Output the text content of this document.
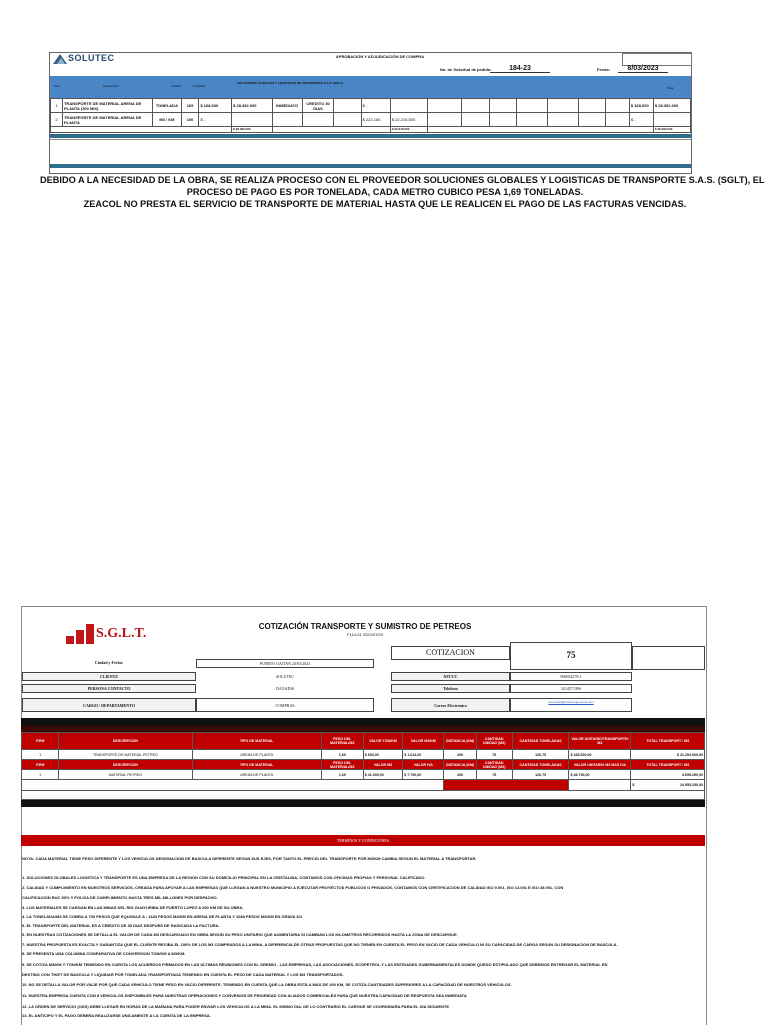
SOLUTEC	APROBACIÓN Y ADJUDICACIÓN DE COMPRA
No. de Solicitud de pedido:	184-23	Fecha:	8/03/2023
Item	Descripción	Unidad	Cantidad
SOLUCIONES GLOBALES Y LOGISTICAS DE TRANSPORTE S.A.S. (SGLT)
Total
1	TRANSPORTE DE MATERIAL ARENA DE PLANTA (300 MIX)	TONELADA	169	$ 168.000	$ 28.392.000	INMEDIATO	CREDITO 30 DIAS		$ -									$ 168.000	$ 28.392.000
2	TRANSPORTE DE MATERIAL ARENA DE PLANTA	M3 / KM	100	$ -					$ 222.165	$ 22.216.500								$ -	
					$ 28.392.000					$ 22.216.500									$ 28.392.000
DEBIDO A LA NECESIDAD DE LA OBRA, SE REALIZA PROCESO CON EL PROVEEDOR SOLUCIONES GLOBALES Y LOGISTICAS DE TRANSPORTE S.A.S. (SGLT), EL
PROCESO DE PAGO ES POR TONELADA, CADA METRO CUBICO PESA 1,69 TONELADAS.
ZEACOL NO PRESTA EL SERVICIO DE TRANSPORTE DE MATERIAL HASTA QUE LE REALICEN EL PAGO DE LAS FACTURAS VENCIDAS.
S.G.L.T.	COTIZACIÓN TRANSPORTE Y SUMISTRO DE PETREOS
F114-01 2022/07/29
COTIZACION	75
Ciudad y Fecha:	PUERTO GAITAN 24/03/2023
CLIENTE	SOLUTEC
PERSONA CONTACTO	DAGADIS
CARGO / DEPARTAMENTO	COMPRAS
NIT/CC	900054278-1
Telefono	3214571396
Correo Electronico
dcompras@solutecingenieria.com
ITEM	DESCRIPCION	TIPO DE MATERIAL	PESO DEL MATERIAL/M3	VALOR TON/KM	VALOR M3/KM	DISTANCIA (KM)	CANTIDAD UNIDAD (M3)	CANTIDAD TONELADAS	VALOR UNITARIO/TRANSPORTE/ M3	TOTAL TRANSPORT / M3
1	TRANSPORTE DE MATERIAL PETREO	ARENA DE PLANTA	1,69	$ 600,00	$ 1.014,00	200	75	126,75	$ 168.000,00	$ 21.294.000,00
ITEM	DESCRIPCION	TIPO DE MATERIAL	PESO DEL MATERIAL/M3	VALOR M3	VALOR IVA	DISTANCIA (KM)	CANTIDAD UNIDAD (M3)	CANTIDAD TONELADAS	VALOR UNITARIO M3 MAS IVA	TOTAL TRANSPORT / M3
1	MATERIAL PETREO	ARENA DE PLANTA	1,69	$ 41.000,00	$ 7.790,00	200	75	126,75	$ 48.790,00	3.659.250,00
										$ 24.953.250,00

TERMINOS Y CONDICIONES

NOTA: CADA MATERIAL TIENE PESO DIFERENTE Y LOS VEHICULOS DESIGNACION DE BASCULA DIFERENTE SEGUN SUS EJES, POR TANTO EL PRECIO DEL TRANSPORTE POR M3/KM CAMBIA SEGUN EL MATERIAL A TRANSPORTAR.

1. SOLUCIONES GLOBALES LOGISTICA Y TRANSPORTE ES UNA EMPRESA DE LA REGION CON SU DOMICILIO PRINCIPAL EN LA CRISTALINA, CONTAMOS CON OFICINAS PROPIAS Y PERSONAL CALIFICADO.

2. CALIDAD Y CUMPLIMIENTO EN NUESTROS SERVICIOS, CREADA PARA APOYAR A LAS EMPRESAS QUE LLEGAN A NUESTRO MUNICIPIO A EJECUTAR PROYECTOS PUBLICOS O PRIVADOS, CONTAMOS CON CERTIFICACION DE CALIDAD ISO 9.001, ISO 14.001 E ISO 45.001, CON

CALIFICACION RUC 90% Y POLIZA DE CUMPLIMIENTO HASTA TRES MIL MILLONES POR DESPACHO.

3. LOS MATERIALES SE CARGAN EN LAS MINAS DEL RIO GUAYURIBA DE PUERTO LOPEZ A 200 KM DE SU OBRA.

4. LA TONELADA/M3 SE COBRA A 700 PESOS QUE EQUIVALE A : 1183 PESOS M3/KM EN ARENA DE PLANTA Y 1088 PESOS M3/KM EN GRAVA 3/4

5. EL TRANSPORTE DEL MATERIAL ES A CREDITO DE 30 DIAS DESPUES DE RADICADA LA FACTURA.

6. EN NUESTRAS COTIZACIONES SE DETALLA EL VALOR DE CADA M3 DESCARGADO EN OBRA SEGÚN SU PESO UNITARIO QUE AUMENTARIA SI CAMBIAN LOS KILOMETROS RECORRIDOS HASTA LA ZONA DE DESCARGUE.

7. NUESTRA PROPUESTA ES EXACTA Y GARANTIZA QUE EL CLIENTE RECIBA EL 100% DE LOS M3 COMPRADOS A LA MINA, A DIFERENCIA DE OTRAS PROPUESTAS QUE NO TIENEN EN CUENTA EL PESO EN VACIO DE CADA VEHICULO NI SU CAPACIDAD DE CARGA SEGUN SU DESIGNACION DE BASCULA.

8. SE PRESENTA UNA COLUMNA COMPARATIVA DE CONVERSION TON/KM A M3/KM.

9. SE COTIZA M3/KM Y TON/KM TENIENDO EN CUENTA LOS ACUERDOS FIRMADOS EN LAS ULTIMAS REUNIONES CON EL GREMIO , LAS EMPRESAS, LAS ASOCIACIONES, ECOPETROL Y LAS ENTIDADES GUBERNAMENTALES DONDE QUEDO ESTIPULADO QUE DEBEMOS ENTREGAR EL MATERIAL EN

DESTINO CON TIKET DE BASCULA Y LIQUIDAR POR TONELADA TRANSPORTADA TENIENDO EN CUENTA EL PESO DE CADA MATERIAL Y LOS M3 TRANSPORTADOS.

10. NO SE DETALLA VALOR POR VIAJE POR QUE CADA VEHICULO TIENE PESO EN VACIO DIFERENTE, TENIENDO EN CUENTA QUE LA OBRA ESTA A MAS DE 100 KM, SE COTIZA CANTIDADES SUPERIORES A LA CAPACIDAD DE NUESTROS VEHICULOS.

11. NUESTRA EMPRESA CUENTA CON 8 VEHICULOS DISPONIBLES PARA NUESTRAS OPERACIONES Y CONVENIOS DE PRIORIDAD CON ALIADOS COMERCIALES PARA QUE NUESTRA CAPACIDAD DE RESPUESTA SEA INMEDIATA

12. LA ORDEN DE SERVICIO (ODS) DEBE LLEGAR EN HORAS DE LA MAÑANA PARA PODER ENVIAR LOS VEHICULOS A LA MINA. EL MISMO DIA, DE LO CONTRARIO EL CARGUE SE COORDINARA PARA EL DIA SIGUIENTE

13. EL ANTICIPO Y EL PAGO DEBERA REALIZARSE UNICAMENTE A LA CUENTA DE LA EMPRESA.
